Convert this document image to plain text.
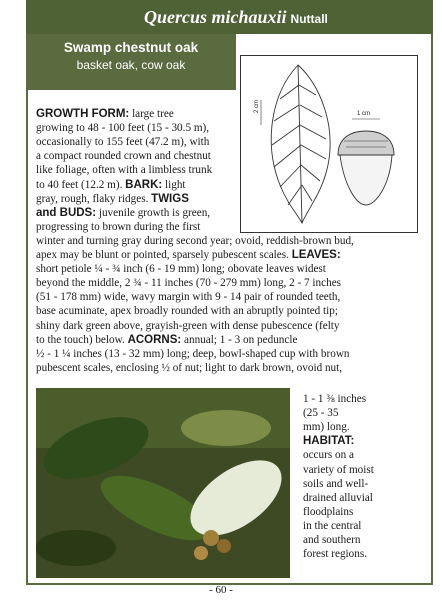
Quercus michauxii Nuttall
Swamp chestnut oak
basket oak, cow oak
2 cm
1 cm
GROWTH FORM: large tree
growing to 48 - 100 feet (15 - 30.5 m),
occasionally to 155 feet (47.2 m), with
a compact rounded crown and chestnut
like foliage, often with a limbless trunk
to 40 feet (12.2 m). BARK: light
gray, rough, flaky ridges. TWIGS
and BUDS: juvenile growth is green,
progressing to brown during the first
winter and turning gray during second year; ovoid, reddish-brown bud,
apex may be blunt or pointed, sparsely pubescent scales. LEAVES:
short petiole ¼ - ¾ inch (6 - 19 mm) long; obovate leaves widest
beyond the middle, 2 ¾ - 11 inches (70 - 279 mm) long, 2 - 7 inches
(51 - 178 mm) wide, wavy margin with 9 - 14 pair of rounded teeth,
base acuminate, apex broadly rounded with an abruptly pointed tip;
shiny dark green above, grayish-green with dense pubescence (felty
to the touch) below. ACORNS: annual; 1 - 3 on peduncle
½ - 1 ¼ inches (13 - 32 mm) long; deep, bowl-shaped cup with brown
pubescent scales, enclosing ½ of nut; light to dark brown, ovoid nut,
1 - 1 ⅜ inches
(25 - 35
mm) long.
HABITAT:
occurs on a
variety of moist
soils and well-
drained alluvial
floodplains
in the central
and southern
forest regions.
- 60 -
